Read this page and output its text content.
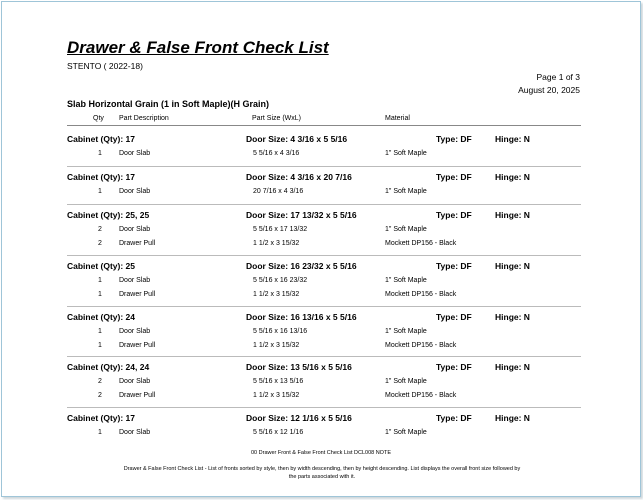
Drawer & False Front Check List
STENTO ( 2022-18)
Page 1 of 3
August 20, 2025
Slab Horizontal Grain (1 in Soft Maple)(H Grain)
Qty Part Description	Part Size (WxL)	Material
Cabinet (Qty): 17	Door Size: 4 3/16 x 5 5/16	Type: DF	Hinge: N
1 Door Slab	5 5/16 x 4 3/16	1" Soft Maple
Cabinet (Qty): 17	Door Size: 4 3/16 x 20 7/16	Type: DF	Hinge: N
1 Door Slab	20 7/16 x 4 3/16	1" Soft Maple
Cabinet (Qty): 25, 25	Door Size: 17 13/32 x 5 5/16	Type: DF	Hinge: N
2 Door Slab	5 5/16 x 17 13/32	1" Soft Maple
2 Drawer Pull	1 1/2 x 3 15/32	Mockett DP156 - Black
Cabinet (Qty): 25	Door Size: 16 23/32 x 5 5/16	Type: DF	Hinge: N
1 Door Slab	5 5/16 x 16 23/32	1" Soft Maple
1 Drawer Pull	1 1/2 x 3 15/32	Mockett DP156 - Black
Cabinet (Qty): 24	Door Size: 16 13/16 x 5 5/16	Type: DF	Hinge: N
1 Door Slab	5 5/16 x 16 13/16	1" Soft Maple
1 Drawer Pull	1 1/2 x 3 15/32	Mockett DP156 - Black
Cabinet (Qty): 24, 24	Door Size: 13 5/16 x 5 5/16	Type: DF	Hinge: N
2 Door Slab	5 5/16 x 13 5/16	1" Soft Maple
2 Drawer Pull	1 1/2 x 3 15/32	Mockett DP156 - Black
Cabinet (Qty): 17	Door Size: 12 1/16 x 5 5/16	Type: DF	Hinge: N
1 Door Slab	5 5/16 x 12 1/16	1" Soft Maple
00 Drawer Front & False Front Check List DCL008 NOTE
Drawer & False Front Check List - List of fronts sorted by style, then by width descending, then by height descending. List displays the overall front size followed by the parts associated with it.
